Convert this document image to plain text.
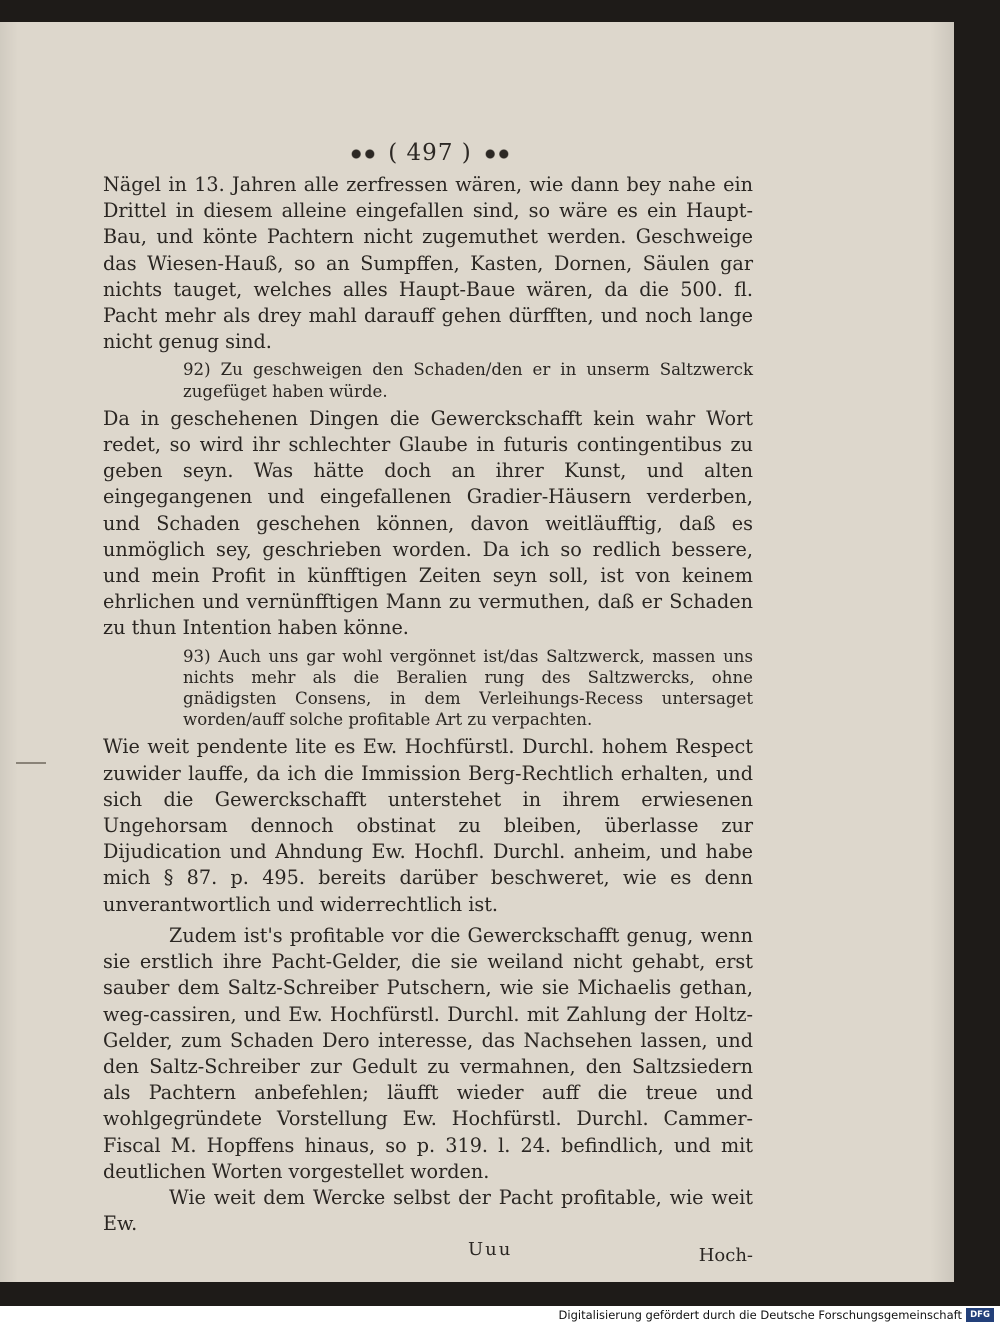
( 497 )

Nägel in 13. Jahren alle zerfressen wären, wie dann bey nahe ein Drittel in diesem alleine eingefallen sind, so wäre es ein Haupt-Bau, und könte Pachtern nicht zugemuthet werden. Geschweige das Wiesen-Hauß, so an Sumpffen, Kasten, Dornen, Säulen gar nichts tauget, welches alles Haupt-Baue wären, da die 500. fl. Pacht mehr als drey mahl darauff gehen dürfften, und noch lange nicht genug sind.

92) Zu geschweigen den Schaden/den er in unserm Saltzwerck zugefüget haben würde.

Da in geschehenen Dingen die Gewerckschafft kein wahr Wort redet, so wird ihr schlechter Glaube in futuris contingentibus zu geben seyn. Was hätte doch an ihrer Kunst, und alten eingegangenen und eingefallenen Gradier-Häusern verderben, und Schaden geschehen können, davon weitläufftig, daß es unmöglich sey, geschrieben worden. Da ich so redlich bessere, und mein Profit in künfftigen Zeiten seyn soll, ist von keinem ehrlichen und vernünfftigen Mann zu vermuthen, daß er Schaden zu thun Intention haben könne.

93) Auch uns gar wohl vergönnet ist/das Saltzwerck, massen uns nichts mehr als die Beralien rung des Saltzwercks, ohne gnädigsten Consens, in dem Verleihungs-Recess untersaget worden/auff solche profitable Art zu verpachten.

Wie weit pendente lite es Ew. Hochfürstl. Durchl. hohem Respect zuwider lauffe, da ich die Immission Berg-Rechtlich erhalten, und sich die Gewerckschafft unterstehet in ihrem erwiesenen Ungehorsam dennoch obstinat zu bleiben, überlasse zur Dijudication und Ahndung Ew. Hochfl. Durchl. anheim, und habe mich § 87. p. 495. bereits darüber beschweret, wie es denn unverantwortlich und widerrechtlich ist.

Zudem ist's profitable vor die Gewerckschafft genug, wenn sie erstlich ihre Pacht-Gelder, die sie weiland nicht gehabt, erst sauber dem Saltz-Schreiber Putschern, wie sie Michaelis gethan, weg-cassiren, und Ew. Hochfürstl. Durchl. mit Zahlung der Holtz-Gelder, zum Schaden Dero interesse, das Nachsehen lassen, und den Saltz-Schreiber zur Gedult zu vermahnen, den Saltzsiedern als Pachtern anbefehlen; läufft wieder auff die treue und wohlgegründete Vorstellung Ew. Hochfürstl. Durchl. Cammer-Fiscal M. Hopffens hinaus, so p. 319. l. 24. befindlich, und mit deutlichen Worten vorgestellet worden.

Wie weit dem Wercke selbst der Pacht profitable, wie weit Ew.

Uuu	Hoch-
Digitalisierung gefördert durch die Deutsche Forschungsgemeinschaft DFG
